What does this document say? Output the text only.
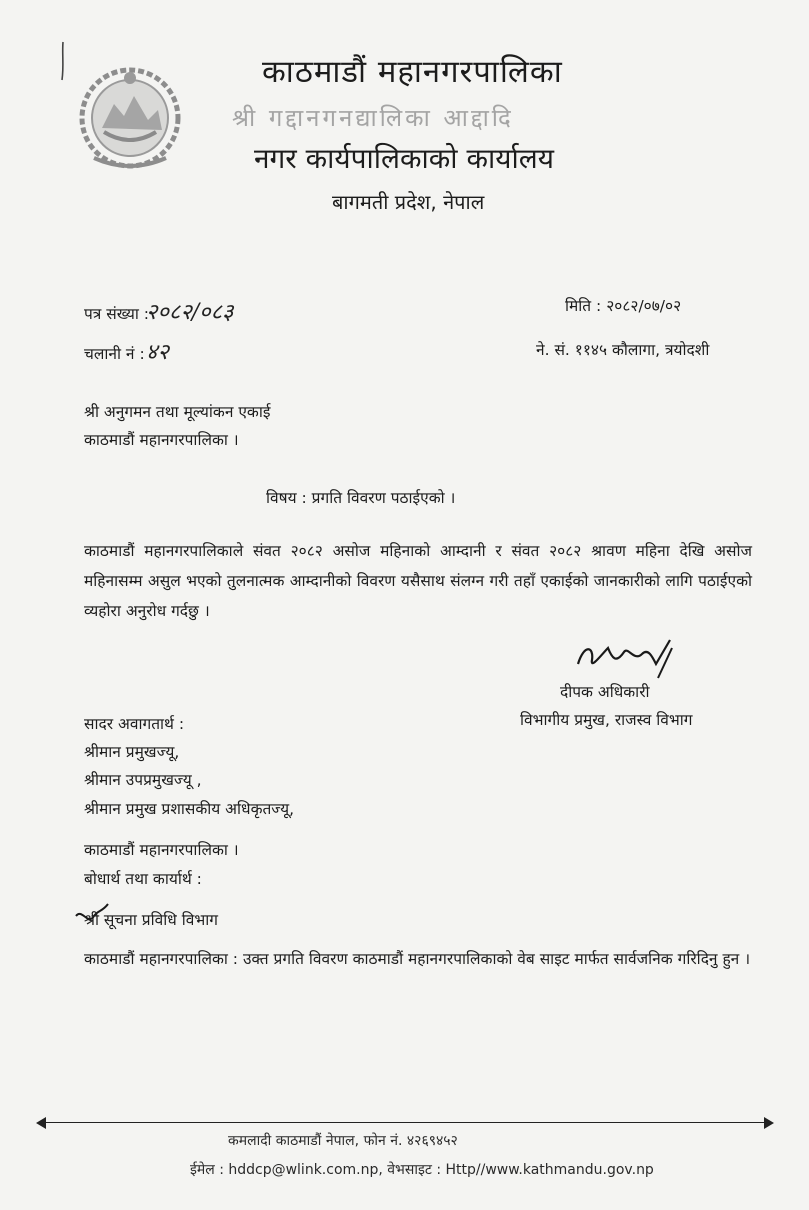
काठमाडौं महानगरपालिका
श्री गद्दानगनद्यालिका आद्दादि
नगर कार्यपालिकाको कार्यालय
बागमती प्रदेश, नेपाल
पत्र संख्या :
२०८२/०८३
चलानी नं : ४२
मिति : २०८२/०७/०२
ने. सं. ११४५ कौलागा, त्रयोदशी
श्री अनुगमन तथा मूल्यांकन एकाई
काठमाडौं महानगरपालिका ।
विषय : प्रगति विवरण पठाईएको ।
काठमाडौं महानगरपालिकाले संवत २०८२ असोज महिनाको आम्दानी र संवत २०८२ श्रावण महिना देखि असोज महिनासम्म असुल भएको तुलनात्मक आम्दानीको विवरण यसैसाथ संलग्न गरी तहाँ एकाईको जानकारीको लागि पठाईएको व्यहोरा अनुरोध गर्दछु ।
दीपक अधिकारी
विभागीय प्रमुख, राजस्व विभाग
सादर अवागतार्थ :
श्रीमान प्रमुखज्यू,
श्रीमान उपप्रमुखज्यू ,
श्रीमान प्रमुख प्रशासकीय अधिकृतज्यू,
काठमाडौं महानगरपालिका ।
बोधार्थ तथा कार्यार्थ :
श्री सूचना प्रविधि विभाग
काठमाडौं महानगरपालिका : उक्त प्रगति विवरण काठमाडौं महानगरपालिकाको वेब साइट मार्फत सार्वजनिक गरिदिनु हुन ।
कमलादी काठमाडौं नेपाल, फोन नं. ४२६९४५२
ईमेल : hddcp@wlink.com.np, वेभसाइट : Http//www.kathmandu.gov.np
